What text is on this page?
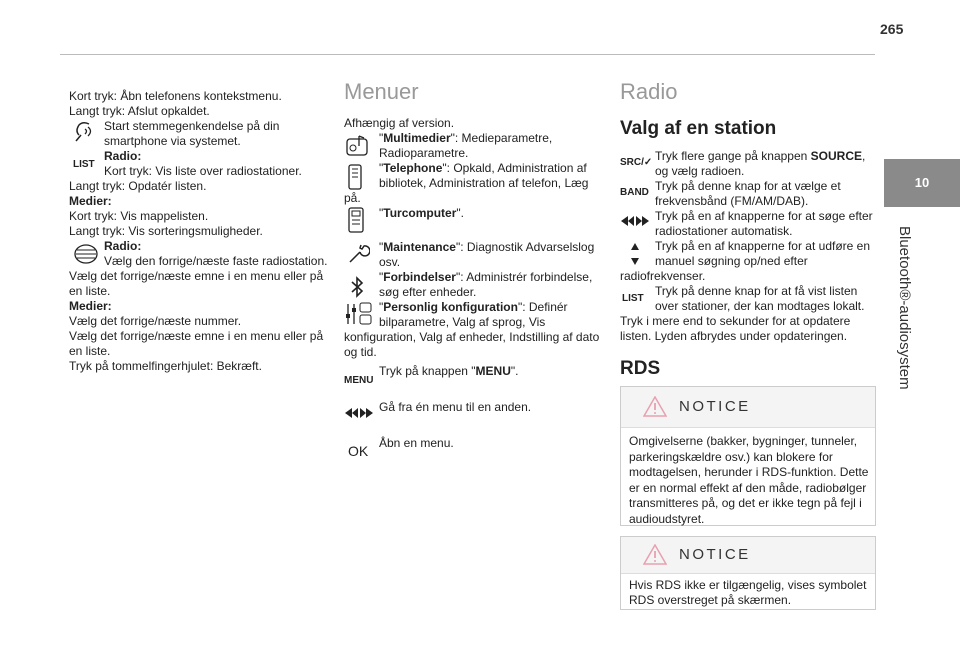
265
10
Bluetooth®-audiosystem
Kort tryk: Åbn telefonens kontekstmenu.
Langt tryk: Afslut opkaldet.
Start stemmegenkendelse på din
smartphone via systemet.
LIST
Radio:
Kort tryk: Vis liste over radiostationer.
Langt tryk: Opdatér listen.
Medier:
Kort tryk: Vis mappelisten.
Langt tryk: Vis sorteringsmuligheder.
Radio:
Vælg den forrige/næste faste radiostation.
Vælg det forrige/næste emne i en menu eller på
en liste.
Medier:
Vælg det forrige/næste nummer.
Vælg det forrige/næste emne i en menu eller på
en liste.
Tryk på tommelfingerhjulet: Bekræft.
Menuer
Afhængig af version.
"Multimedier": Medieparametre,
Radioparametre.
"Telephone": Opkald, Administration af
bibliotek, Administration af telefon, Læg
på.
"Turcomputer".
"Maintenance": Diagnostik Advarselslog
osv.
"Forbindelser": Administrér forbindelse,
søg efter enheder.
"Personlig konfiguration": Definér
bilparametre, Valg af sprog, Vis
konfiguration, Valg af enheder, Indstilling af dato
og tid.
MENU
Tryk på knappen "MENU".
Gå fra én menu til en anden.
OK Åbn en menu.
Radio
Valg af en station
SRC/✓ Tryk flere gange på knappen SOURCE,
og vælg radioen.
BAND Tryk på denne knap for at vælge et
frekvensbånd (FM/AM/DAB).
Tryk på en af knapperne for at søge efter
radiostationer automatisk.
Tryk på en af knapperne for at udføre en
manuel søgning op/ned efter
radiofrekvenser.
LIST
Tryk på denne knap for at få vist listen
over stationer, der kan modtages lokalt.
Tryk i mere end to sekunder for at opdatere
listen. Lyden afbrydes under opdateringen.
RDS
NOTICE
Omgivelserne (bakker, bygninger, tunneler,
parkeringskældre osv.) kan blokere for
modtagelsen, herunder i RDS-funktion. Dette
er en normal effekt af den måde, radiobølger
transmitteres på, og det er ikke tegn på fejl i
audioudstyret.
NOTICE
Hvis RDS ikke er tilgængelig, vises symbolet
RDS overstreget på skærmen.
